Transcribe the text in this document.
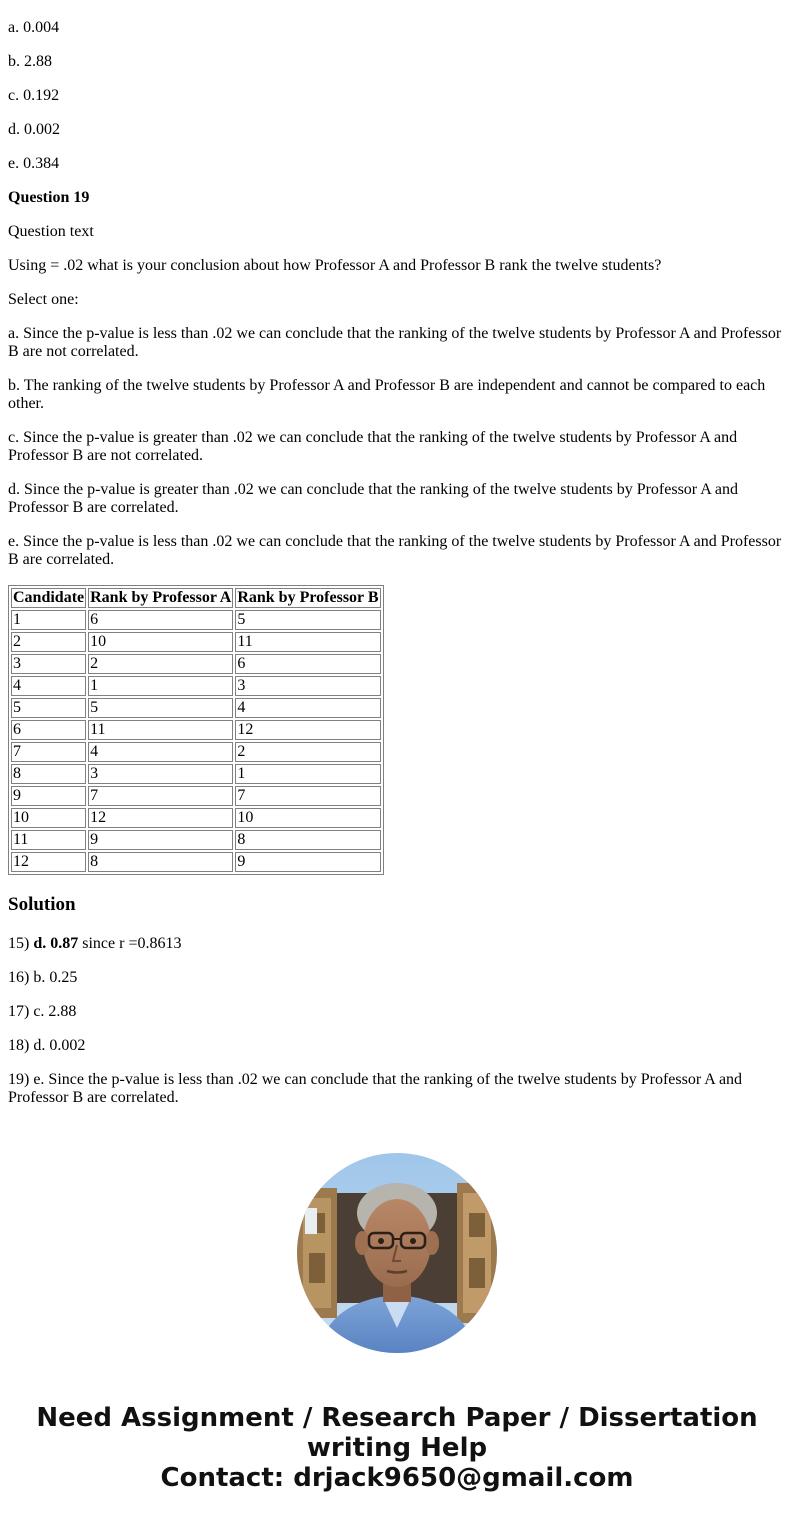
a. 0.004

b. 2.88

c. 0.192

d. 0.002

e. 0.384

Question 19

Question text

Using = .02 what is your conclusion about how Professor A and Professor B rank the twelve students?

Select one:

a. Since the p-value is less than .02 we can conclude that the ranking of the twelve students by Professor A and Professor B are not correlated.

b. The ranking of the twelve students by Professor A and Professor B are independent and cannot be compared to each other.

c. Since the p-value is greater than .02 we can conclude that the ranking of the twelve students by Professor A and Professor B are not correlated.

d. Since the p-value is greater than .02 we can conclude that the ranking of the twelve students by Professor A and Professor B are correlated.

e. Since the p-value is less than .02 we can conclude that the ranking of the twelve students by Professor A and Professor B are correlated.

Candidate	Rank by Professor A	Rank by Professor B
1	6	5
2	10	11
3	2	6
4	1	3
5	5	4
6	11	12
7	4	2
8	3	1
9	7	7
10	12	10
11	9	8
12	8	9
Solution

15) d. 0.87 since r =0.8613

16) b. 0.25

17) c. 2.88

18) d. 0.002

19) e. Since the p-value is less than .02 we can conclude that the ranking of the twelve students by Professor A and Professor B are correlated.

Need Assignment / Research Paper / Dissertation
writing Help
Contact: drjack9650@gmail.com
